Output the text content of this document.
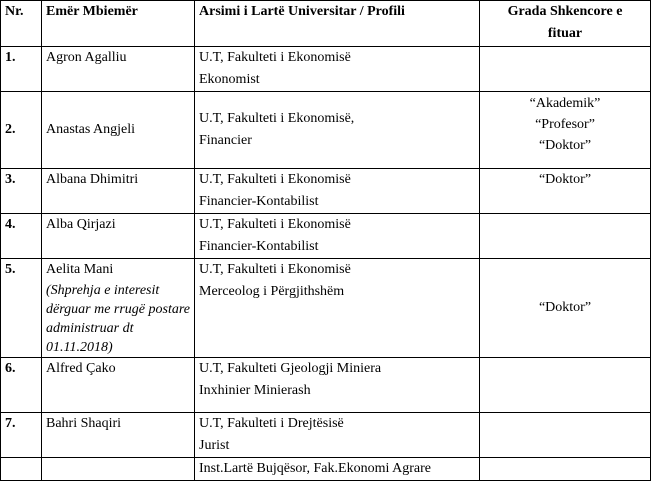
Nr.	Emër Mbiemër	Arsimi i Lartë Universitar / Profili	Grada Shkencore e
fituar

1.	Agron Agalliu	U.T, Fakulteti i Ekonomisë
Ekonomist	

2.	Anastas Angjeli	U.T, Fakulteti i Ekonomisë,
Financier	“Akademik”
“Profesor”
“Doktor”

3.	Albana Dhimitri	U.T, Fakulteti i Ekonomisë
Financier-Kontabilist	“Doktor”
4.	Alba Qirjazi	U.T, Fakulteti i Ekonomisë
Financier-Kontabilist	

5.	Aelita Mani
(Shprehja e interesit dërguar me rrugë postare administruar dt 01.11.2018)	U.T, Fakulteti i Ekonomisë
Merceolog i Përgjithshëm	“Doktor”

6.	Alfred Çako	U.T, Fakulteti Gjeologji Miniera
Inxhinier Minierash	

7.	Bahri Shaqiri	U.T, Fakulteti i Drejtësisë
Jurist	

		Inst.Lartë Bujqësor, Fak.Ekonomi Agrare	
